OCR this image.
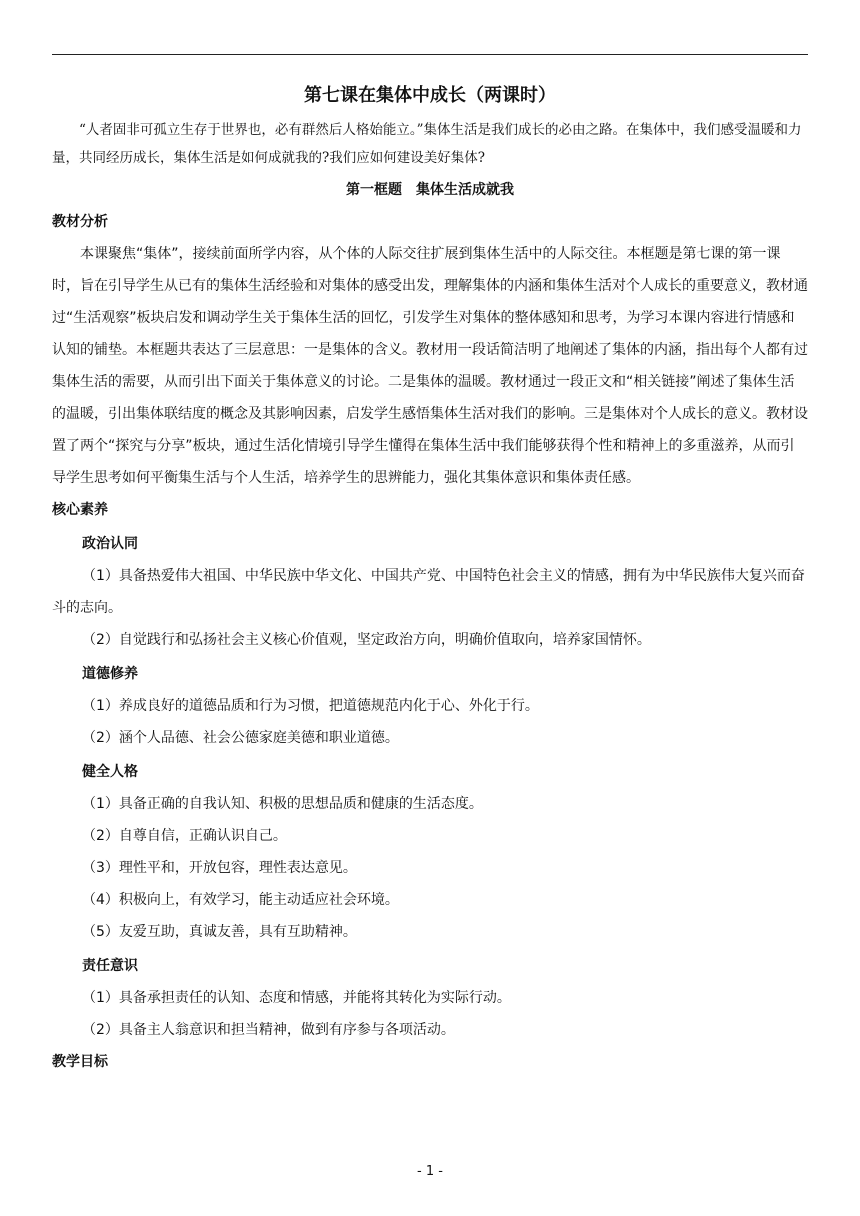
第七课在集体中成长（两课时）

“人者固非可孤立生存于世界也，必有群然后人格始能立。”集体生活是我们成长的必由之路。在集体中，我们感受温暖和力量，共同经历成长，集体生活是如何成就我的?我们应如何建设美好集体?

第一框题　集体生活成就我
教材分析

本课聚焦“集体”，接续前面所学内容，从个体的人际交往扩展到集体生活中的人际交往。本框题是第七课的第一课时，旨在引导学生从已有的集体生活经验和对集体的感受出发，理解集体的内涵和集体生活对个人成长的重要意义，教材通过“生活观察”板块启发和调动学生关于集体生活的回忆，引发学生对集体的整体感知和思考，为学习本课内容进行情感和认知的铺垫。本框题共表达了三层意思：一是集体的含义。教材用一段话简洁明了地阐述了集体的内涵，指出每个人都有过集体生活的需要，从而引出下面关于集体意义的讨论。二是集体的温暖。教材通过一段正文和“相关链接”阐述了集体生活的温暖，引出集体联结度的概念及其影响因素，启发学生感悟集体生活对我们的影响。三是集体对个人成长的意义。教材设置了两个“探究与分享”板块，通过生活化情境引导学生懂得在集体生活中我们能够获得个性和精神上的多重滋养，从而引导学生思考如何平衡集生活与个人生活，培养学生的思辨能力，强化其集体意识和集体责任感。

核心素养
政治认同

（1）具备热爱伟大祖国、中华民族中华文化、中国共产党、中国特色社会主义的情感，拥有为中华民族伟大复兴而奋斗的志向。

（2）自觉践行和弘扬社会主义核心价值观，坚定政治方向，明确价值取向，培养家国情怀。

道德修养

（1）养成良好的道德品质和行为习惯，把道德规范内化于心、外化于行。

（2）涵个人品德、社会公德家庭美德和职业道德。

健全人格

（1）具备正确的自我认知、积极的思想品质和健康的生活态度。

（2）自尊自信，正确认识自己。

（3）理性平和，开放包容，理性表达意见。

（4）积极向上，有效学习，能主动适应社会环境。

（5）友爱互助，真诚友善，具有互助精神。

责任意识

（1）具备承担责任的认知、态度和情感，并能将其转化为实际行动。

（2）具备主人翁意识和担当精神，做到有序参与各项活动。

教学目标
- 1 -
